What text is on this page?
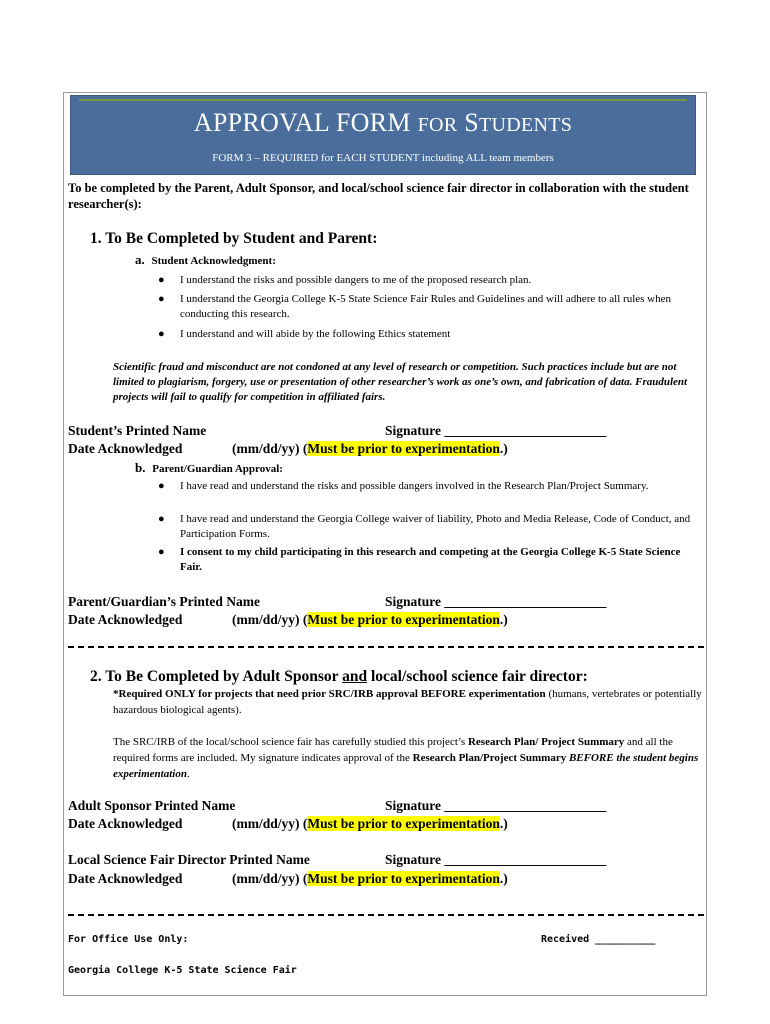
APPROVAL FORM FOR STUDENTS
FORM 3 – REQUIRED for EACH STUDENT including ALL team members
To be completed by the Parent, Adult Sponsor, and local/school science fair director in collaboration with the student researcher(s):
1. To Be Completed by Student and Parent:
a. Student Acknowledgment:
●	I understand the risks and possible dangers to me of the proposed research plan.
●	I understand the Georgia College K-5 State Science Fair Rules and Guidelines and will adhere to all rules when conducting this research.
●	I understand and will abide by the following Ethics statement
Scientific fraud and misconduct are not condoned at any level of research or competition. Such practices include but are not limited to plagiarism, forgery, use or presentation of other researcher’s work as one’s own, and fabrication of data. Fraudulent projects will fail to qualify for competition in affiliated fairs.
Student’s Printed Name	Signature ________________________
Date Acknowledged	(mm/dd/yy) (Must be prior to experimentation.)
b. Parent/Guardian Approval:
●	I have read and understand the risks and possible dangers involved in the Research Plan/Project Summary.
●	I have read and understand the Georgia College waiver of liability, Photo and Media Release, Code of Conduct, and Participation Forms.
●	I consent to my child participating in this research and competing at the Georgia College K-5 State Science Fair.
Parent/Guardian’s Printed Name	Signature ________________________
Date Acknowledged	(mm/dd/yy) (Must be prior to experimentation.)
2. To Be Completed by Adult Sponsor and local/school science fair director:
*Required ONLY for projects that need prior SRC/IRB approval BEFORE experimentation (humans, vertebrates or potentially hazardous biological agents).
The SRC/IRB of the local/school science fair has carefully studied this project’s Research Plan/ Project Summary and all the required forms are included. My signature indicates approval of the Research Plan/Project Summary BEFORE the student begins experimentation.
Adult Sponsor Printed Name	Signature ________________________
Date Acknowledged	(mm/dd/yy) (Must be prior to experimentation.)
Local Science Fair Director Printed Name	Signature ________________________
Date Acknowledged	(mm/dd/yy) (Must be prior to experimentation.)
For Office Use Only:	Received __________
Georgia College K-5 State Science Fair
